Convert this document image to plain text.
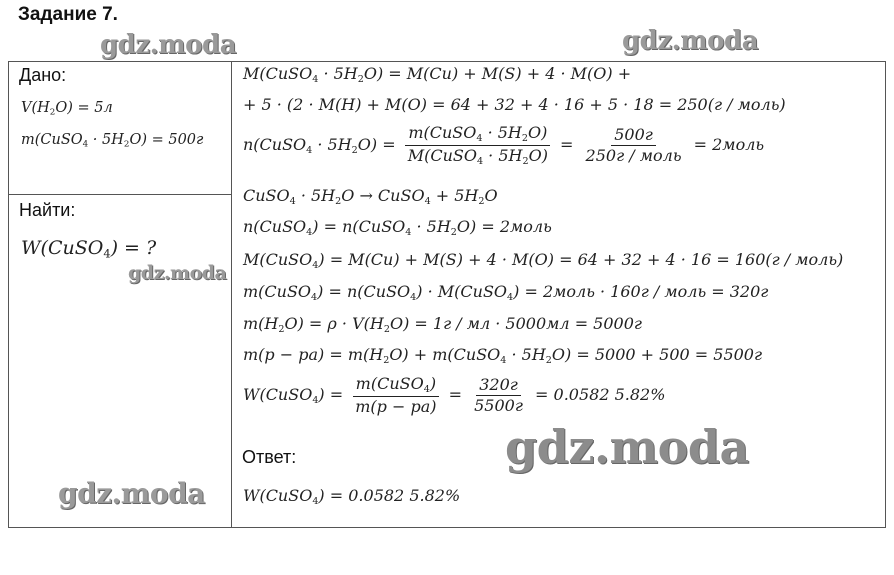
Задание 7.
Дано:
$V(H_2O) = 5л$
m(CuSO$_4$ · $5H_2O) = 500г$
Найти:
W(CuSO$_4$) = ?
M(CuSO$_4$ · $5H_2O) = M(Cu) + M(S) + 4 \cdot M(O)$ +
+ 5 · (2 · M(H) + M(O) = 64 + 32 + 4 · 16 + 5 · 18 = 250(г / моль)
n(CuSO$_4$ · $5H_2O) = \frac{m(CuSO_4 \cdot 5H_2O)}{M(CuSO_4 \cdot 5H_2O)} = \frac{500г}{\text{250г / моль}}$ = 2моль
CuSO$_4$ · $5H_2O$ → CuSO$_4$ + $5H_2O$
n(CuSO$_4$) = n(CuSO$_4$ · $5H_2O$) = 2моль
M(CuSO$_4$) = M(Cu) + M(S) + 4 · M(O) = 64 + 32 + 4 · 16 = 160(г / моль)
m(CuSO$_4$) = n(CuSO$_4$) · M(CuSO$_4$) = 2моль · 160г / моль = 320г
$m(H_2O) = \rho \cdot V(H_2O) = 1г$ / мл · 5000мл = 5000г
$m(р - ра) = m(H_2O)$ + m(CuSO$_4$ · $5H_2O) = 5000 + 500 = 5500г$
W(CuSO$_4$) = $\frac{m(CuSO_4)}{m(р - ра)} = \frac{320г}{5500г} = 0.0582$ 5.82%
Ответ:
W(CuSO$_4$) = 0.0582 5.82%
gdz.moda	gdz.moda
gdz.moda
gdz.moda
gdz.moda
